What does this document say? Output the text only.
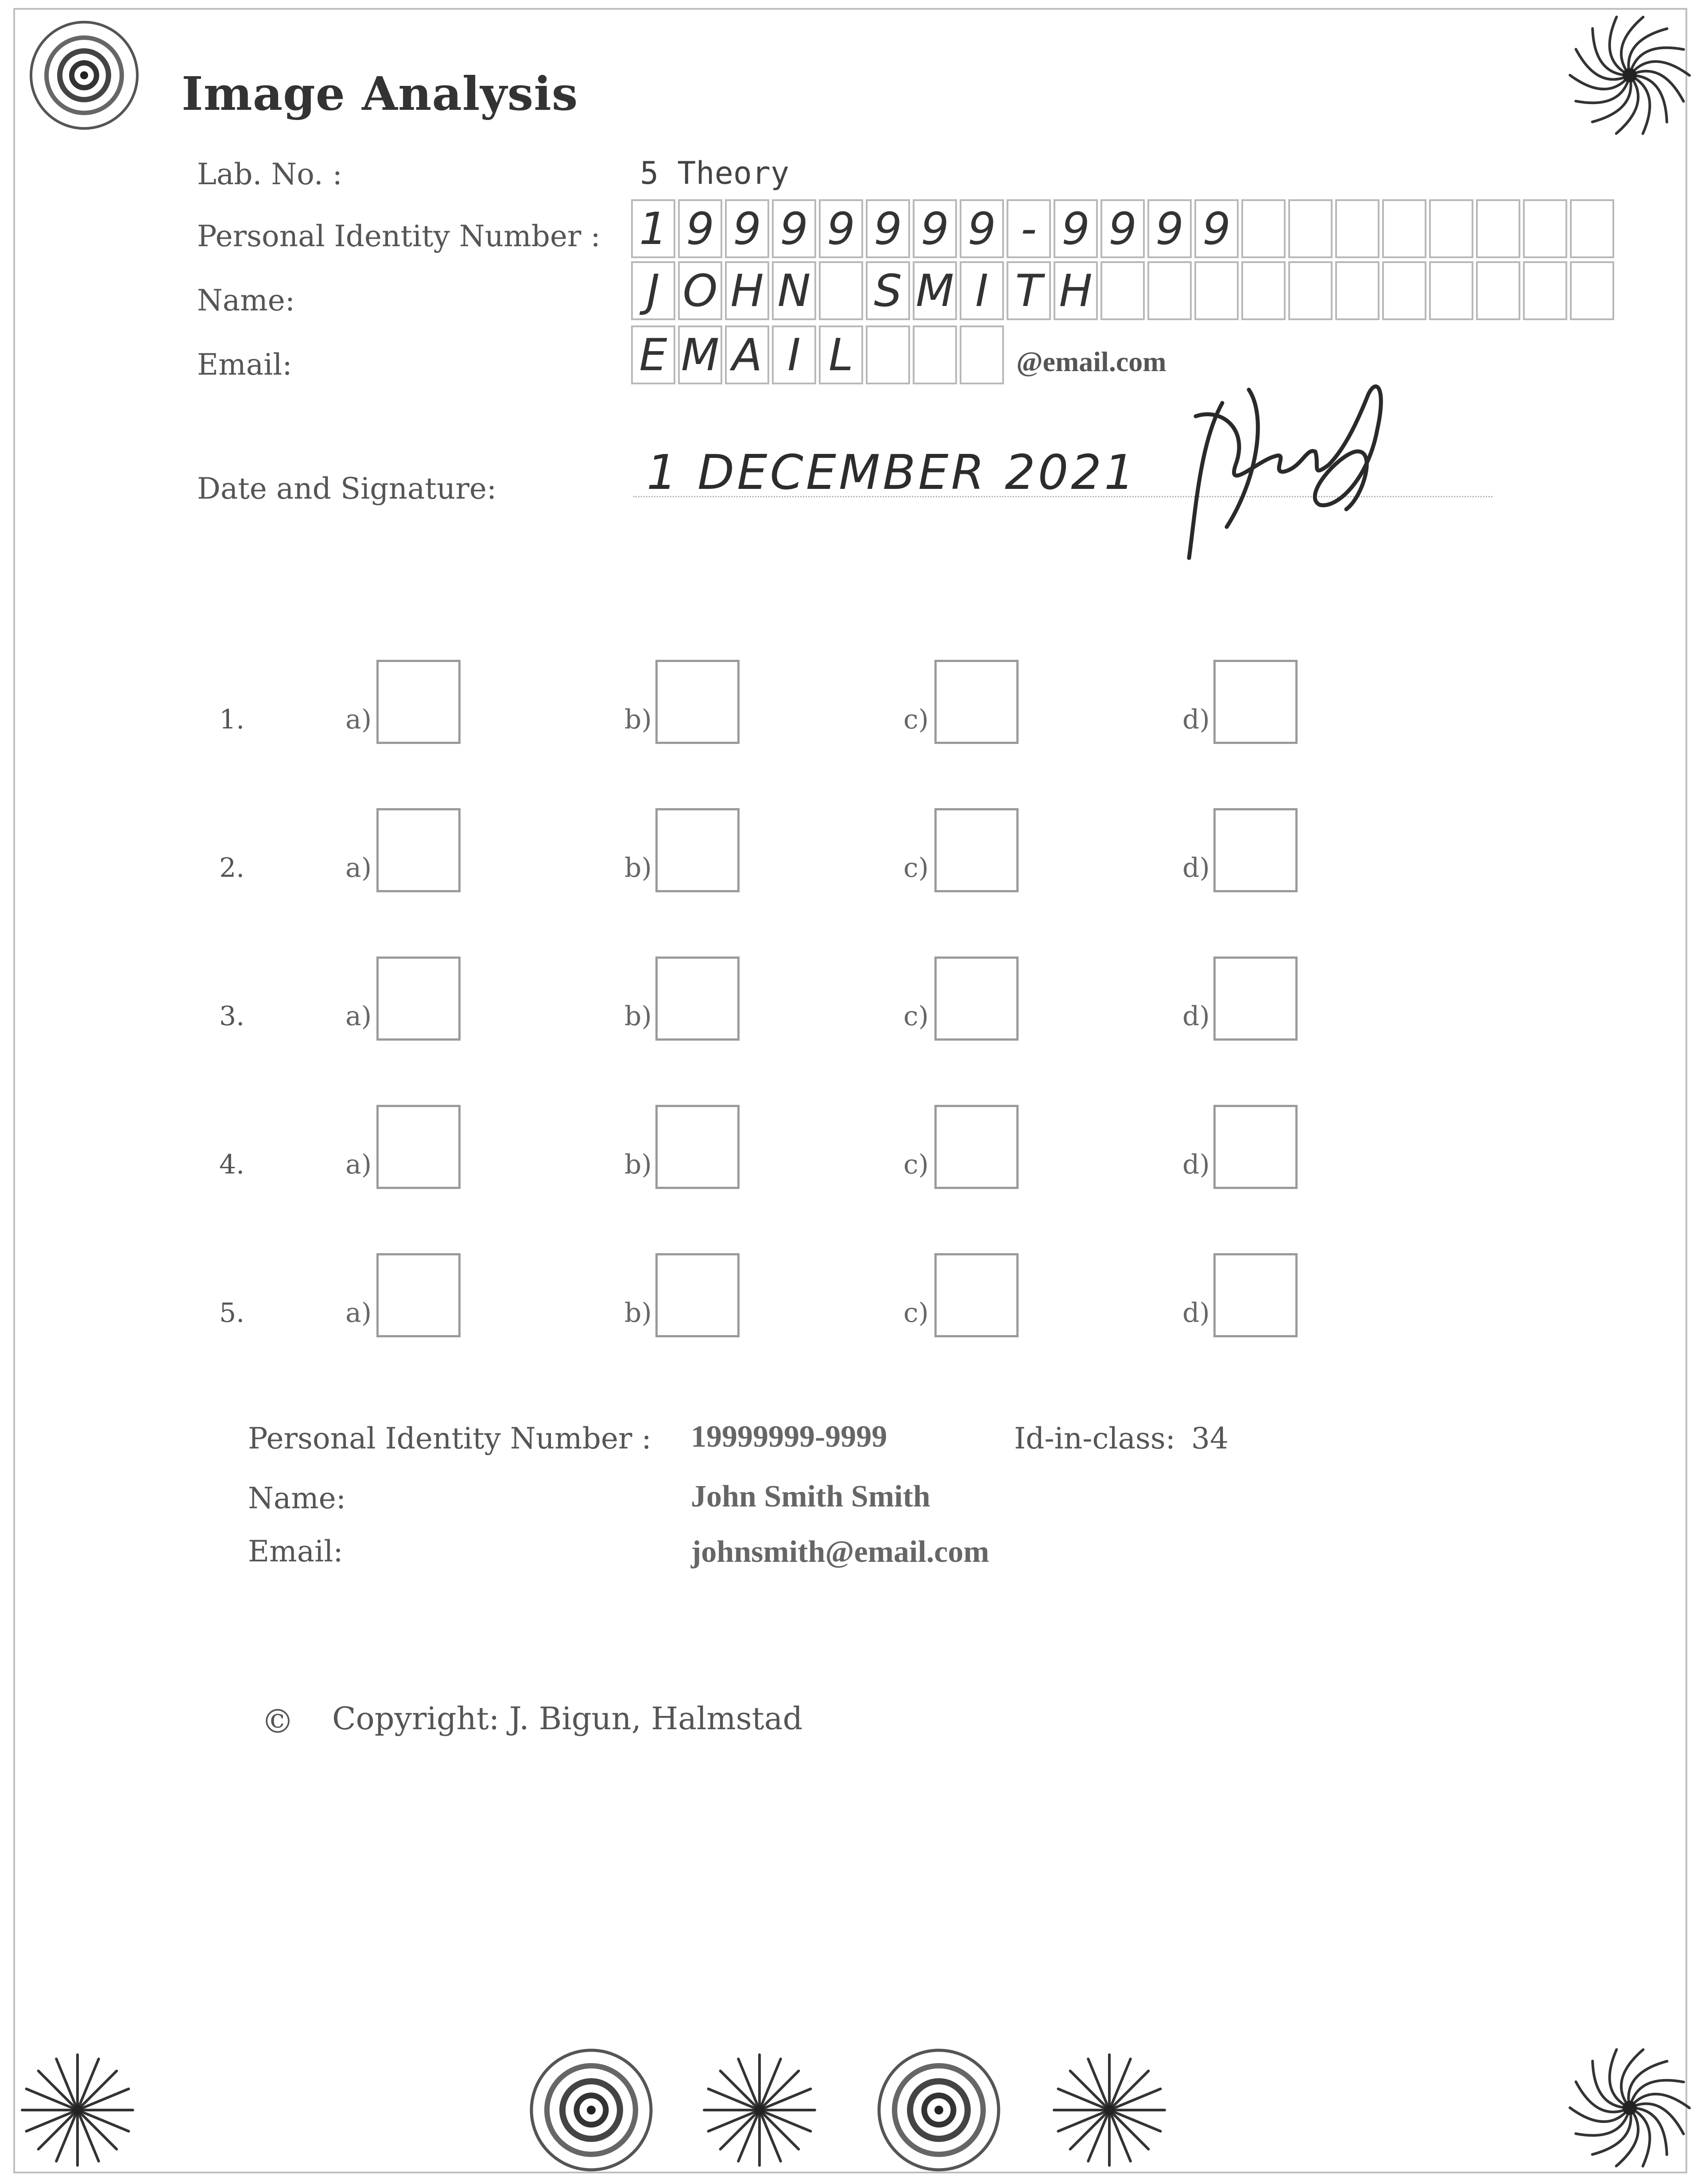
Image Analysis
Lab. No. :	5 Theory
Personal Identity Number : 1 9 9 9 9 9 9 9 - 9 9 9 9
Name:	J O H N S M I T H
Email:	E M A I L	@email.com
Date and Signature:	1 DECEMBER 2021
1.	a)	b)	c)	d)
2.	a)	b)	c)	d)
3.	a)	b)	c)	d)
4.	a)	b)	c)	d)
5.	a)	b)	c)	d)
Personal Identity Number : 19999999-9999	Id-in-class: 34
Name:	John Smith Smith
Email:	johnsmith@email.com
© Copyright: J. Bigun, Halmstad
